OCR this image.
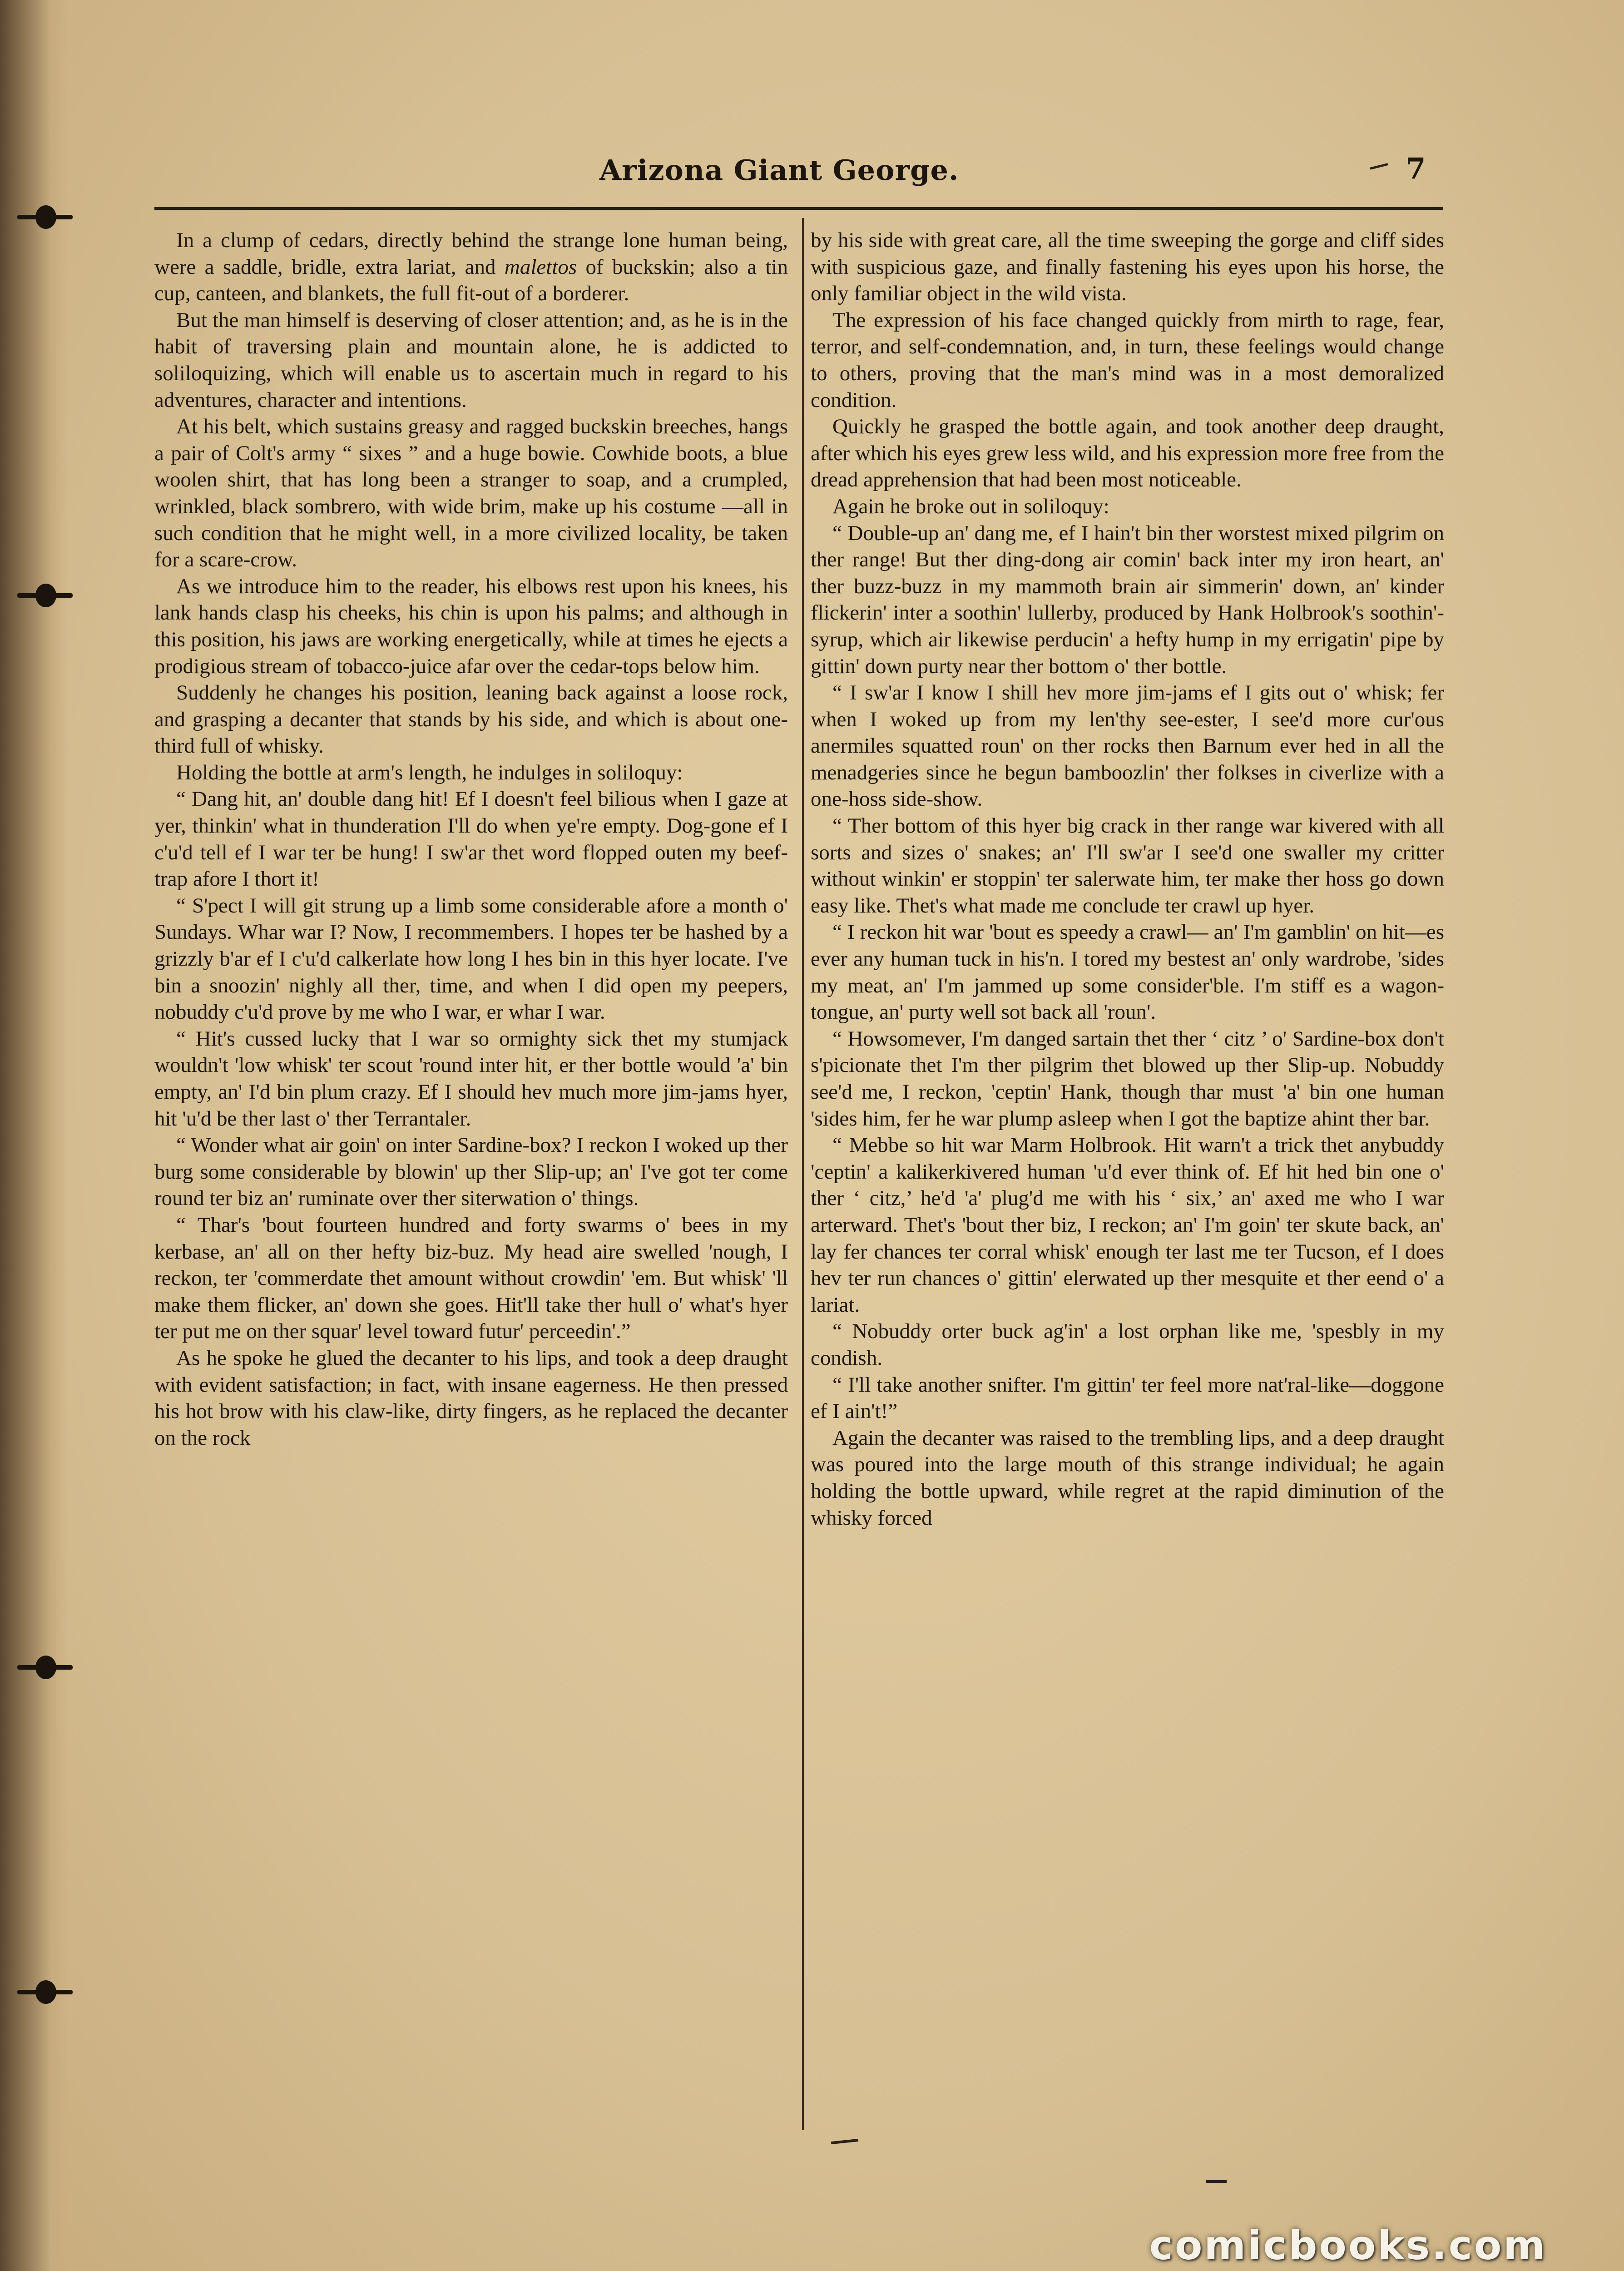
Arizona Giant George.	7

In a clump of cedars, directly behind the strange lone human being, were a saddle, bridle, extra lariat, and malettos of buckskin; also a tin cup, canteen, and blankets, the full fit-out of a borderer.

But the man himself is deserving of closer attention; and, as he is in the habit of traversing plain and mountain alone, he is addicted to soliloquizing, which will enable us to ascertain much in regard to his adventures, character and intentions.

At his belt, which sustains greasy and ragged buckskin breeches, hangs a pair of Colt's army “ sixes ” and a huge bowie. Cowhide boots, a blue woolen shirt, that has long been a stranger to soap, and a crumpled, wrinkled, black sombrero, with wide brim, make up his costume —all in such condition that he might well, in a more civilized locality, be taken for a scare-crow.

As we introduce him to the reader, his elbows rest upon his knees, his lank hands clasp his cheeks, his chin is upon his palms; and although in this position, his jaws are working energetically, while at times he ejects a prodigious stream of tobacco-juice afar over the cedar-tops below him.

Suddenly he changes his position, leaning back against a loose rock, and grasping a decanter that stands by his side, and which is about one-third full of whisky.

Holding the bottle at arm's length, he indulges in soliloquy:

“ Dang hit, an' double dang hit! Ef I doesn't feel bilious when I gaze at yer, thinkin' what in thunderation I'll do when ye're empty. Dog-gone ef I c'u'd tell ef I war ter be hung! I sw'ar thet word flopped outen my beef-trap afore I thort it!

“ S'pect I will git strung up a limb some considerable afore a month o' Sundays. Whar war I? Now, I recommembers. I hopes ter be hashed by a grizzly b'ar ef I c'u'd calkerlate how long I hes bin in this hyer locate. I've bin a snoozin' nighly all ther, time, and when I did open my peepers, nobuddy c'u'd prove by me who I war, er whar I war.

“ Hit's cussed lucky that I war so ormighty sick thet my stumjack wouldn't 'low whisk' ter scout 'round inter hit, er ther bottle would 'a' bin empty, an' I'd bin plum crazy. Ef I should hev much more jim-jams hyer, hit 'u'd be ther last o' ther Terrantaler.

“ Wonder what air goin' on inter Sardine-box? I reckon I woked up ther burg some considerable by blowin' up ther Slip-up; an' I've got ter come round ter biz an' ruminate over ther siterwation o' things.

“ Thar's 'bout fourteen hundred and forty swarms o' bees in my kerbase, an' all on ther hefty biz-buz. My head aire swelled 'nough, I reckon, ter 'commerdate thet amount without crowdin' 'em. But whisk' 'll make them flicker, an' down she goes. Hit'll take ther hull o' what's hyer ter put me on ther squar' level toward futur' perceedin'.”

As he spoke he glued the decanter to his lips, and took a deep draught with evident satisfaction; in fact, with insane eagerness. He then pressed his hot brow with his claw-like, dirty fingers, as he replaced the decanter on the rock

by his side with great care, all the time sweeping the gorge and cliff sides with suspicious gaze, and finally fastening his eyes upon his horse, the only familiar object in the wild vista.

The expression of his face changed quickly from mirth to rage, fear, terror, and self-condemnation, and, in turn, these feelings would change to others, proving that the man's mind was in a most demoralized condition.

Quickly he grasped the bottle again, and took another deep draught, after which his eyes grew less wild, and his expression more free from the dread apprehension that had been most noticeable.

Again he broke out in soliloquy:

“ Double-up an' dang me, ef I hain't bin ther worstest mixed pilgrim on ther range! But ther ding-dong air comin' back inter my iron heart, an' ther buzz-buzz in my mammoth brain air simmerin' down, an' kinder flickerin' inter a soothin' lullerby, produced by Hank Holbrook's soothin'-syrup, which air likewise perducin' a hefty hump in my errigatin' pipe by gittin' down purty near ther bottom o' ther bottle.

“ I sw'ar I know I shill hev more jim-jams ef I gits out o' whisk; fer when I woked up from my len'thy see-ester, I see'd more cur'ous anermiles squatted roun' on ther rocks then Barnum ever hed in all the menadgeries since he begun bamboozlin' ther folkses in civerlize with a one-hoss side-show.

“ Ther bottom of this hyer big crack in ther range war kivered with all sorts and sizes o' snakes; an' I'll sw'ar I see'd one swaller my critter without winkin' er stoppin' ter salerwate him, ter make ther hoss go down easy like. Thet's what made me conclude ter crawl up hyer.

“ I reckon hit war 'bout es speedy a crawl— an' I'm gamblin' on hit—es ever any human tuck in his'n. I tored my bestest an' only wardrobe, 'sides my meat, an' I'm jammed up some consider'ble. I'm stiff es a wagon-tongue, an' purty well sot back all 'roun'.

“ Howsomever, I'm danged sartain thet ther ‘ citz ’ o' Sardine-box don't s'picionate thet I'm ther pilgrim thet blowed up ther Slip-up. Nobuddy see'd me, I reckon, 'ceptin' Hank, though thar must 'a' bin one human 'sides him, fer he war plump asleep when I got the baptize ahint ther bar.

“ Mebbe so hit war Marm Holbrook. Hit warn't a trick thet anybuddy 'ceptin' a kalikerkivered human 'u'd ever think of. Ef hit hed bin one o' ther ‘ citz,’ he'd 'a' plug'd me with his ‘ six,’ an' axed me who I war arterward. Thet's 'bout ther biz, I reckon; an' I'm goin' ter skute back, an' lay fer chances ter corral whisk' enough ter last me ter Tucson, ef I does hev ter run chances o' gittin' elerwated up ther mesquite et ther eend o' a lariat.

“ Nobuddy orter buck ag'in' a lost orphan like me, 'spesbly in my condish.

“ I'll take another snifter. I'm gittin' ter feel more nat'ral-like—doggone ef I ain't!”

Again the decanter was raised to the trembling lips, and a deep draught was poured into the large mouth of this strange individual; he again holding the bottle upward, while regret at the rapid diminution of the whisky forced

comicbooks.com
